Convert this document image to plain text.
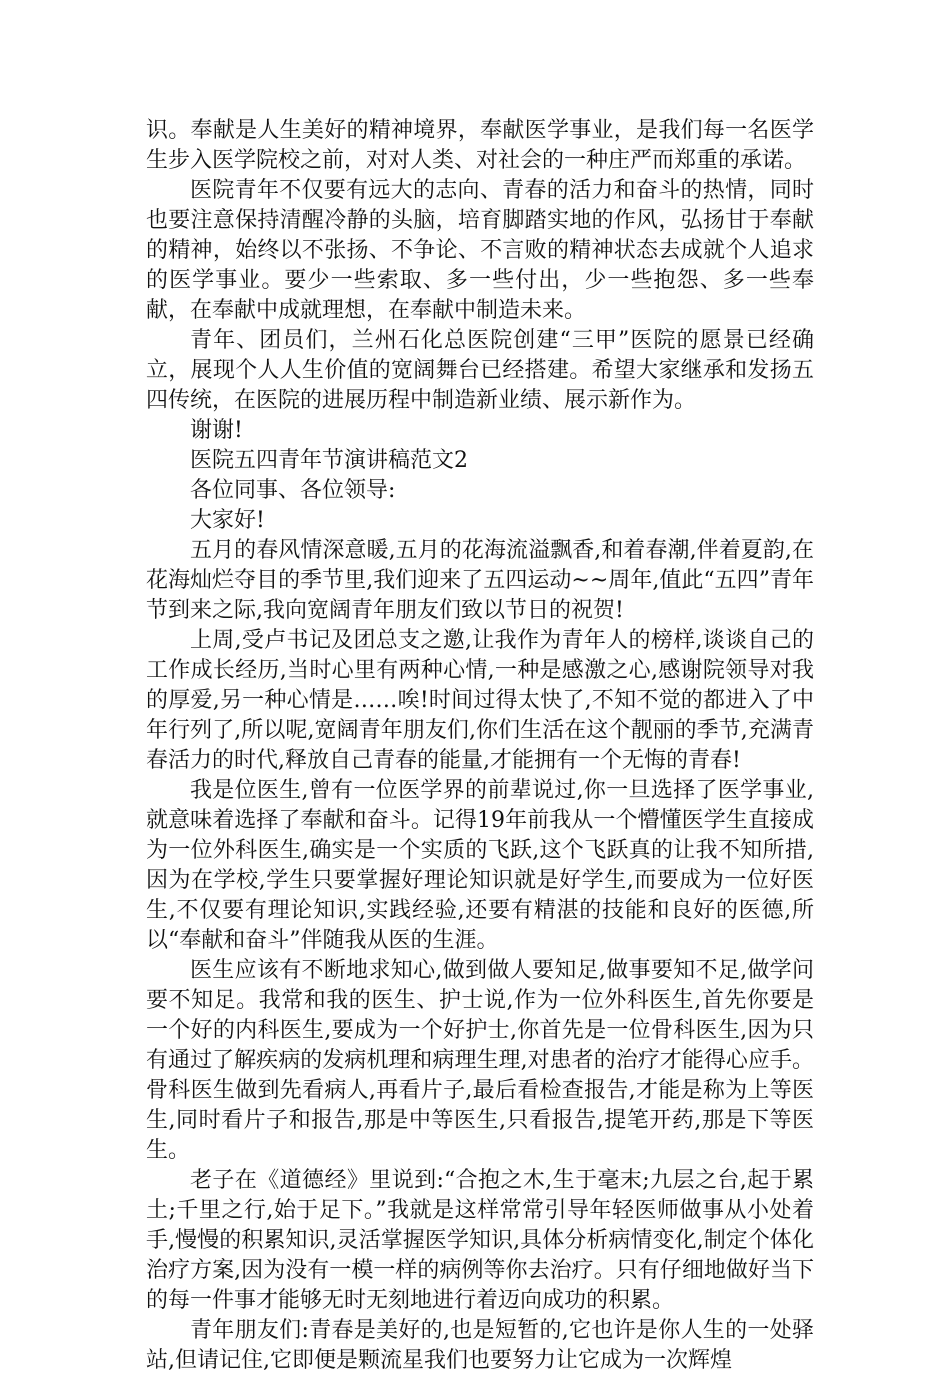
识。奉献是人生美好的精神境界，奉献医学事业，是我们每一名医学生步入医学院校之前，对对人类、对社会的一种庄严而郑重的承诺。

医院青年不仅要有远大的志向、青春的活力和奋斗的热情，同时也要注意保持清醒冷静的头脑，培育脚踏实地的作风，弘扬甘于奉献的精神，始终以不张扬、不争论、不言败的精神状态去成就个人追求的医学事业。要少一些索取、多一些付出，少一些抱怨、多一些奉献，在奉献中成就理想，在奉献中制造未来。

青年、团员们，兰州石化总医院创建“三甲”医院的愿景已经确立，展现个人人生价值的宽阔舞台已经搭建。希望大家继承和发扬五四传统，在医院的进展历程中制造新业绩、展示新作为。

谢谢!

医院五四青年节演讲稿范文2

各位同事、各位领导:

大家好!

五月的春风情深意暖,五月的花海流溢飘香,和着春潮,伴着夏韵,在花海灿烂夺目的季节里,我们迎来了五四运动~~周年,值此“五四”青年节到来之际,我向宽阔青年朋友们致以节日的祝贺!

上周,受卢书记及团总支之邀,让我作为青年人的榜样,谈谈自己的工作成长经历,当时心里有两种心情,一种是感激之心,感谢院领导对我的厚爱,另一种心情是……唉!时间过得太快了,不知不觉的都进入了中年行列了,所以呢,宽阔青年朋友们,你们生活在这个靓丽的季节,充满青春活力的时代,释放自己青春的能量,才能拥有一个无悔的青春!

我是位医生,曾有一位医学界的前辈说过,你一旦选择了医学事业,就意味着选择了奉献和奋斗。记得19年前我从一个懵懂医学生直接成为一位外科医生,确实是一个实质的飞跃,这个飞跃真的让我不知所措,因为在学校,学生只要掌握好理论知识就是好学生,而要成为一位好医生,不仅要有理论知识,实践经验,还要有精湛的技能和良好的医德,所以“奉献和奋斗”伴随我从医的生涯。

医生应该有不断地求知心,做到做人要知足,做事要知不足,做学问要不知足。我常和我的医生、护士说,作为一位外科医生,首先你要是一个好的内科医生,要成为一个好护士,你首先是一位骨科医生,因为只有通过了解疾病的发病机理和病理生理,对患者的治疗才能得心应手。骨科医生做到先看病人,再看片子,最后看检查报告,才能是称为上等医生,同时看片子和报告,那是中等医生,只看报告,提笔开药,那是下等医生。

老子在《道德经》里说到:“合抱之木,生于毫末;九层之台,起于累土;千里之行,始于足下。”我就是这样常常引导年轻医师做事从小处着手,慢慢的积累知识,灵活掌握医学知识,具体分析病情变化,制定个体化治疗方案,因为没有一模一样的病例等你去治疗。只有仔细地做好当下的每一件事才能够无时无刻地进行着迈向成功的积累。

青年朋友们:青春是美好的,也是短暂的,它也许是你人生的一处驿站,但请记住,它即便是颗流星我们也要努力让它成为一次辉煌
